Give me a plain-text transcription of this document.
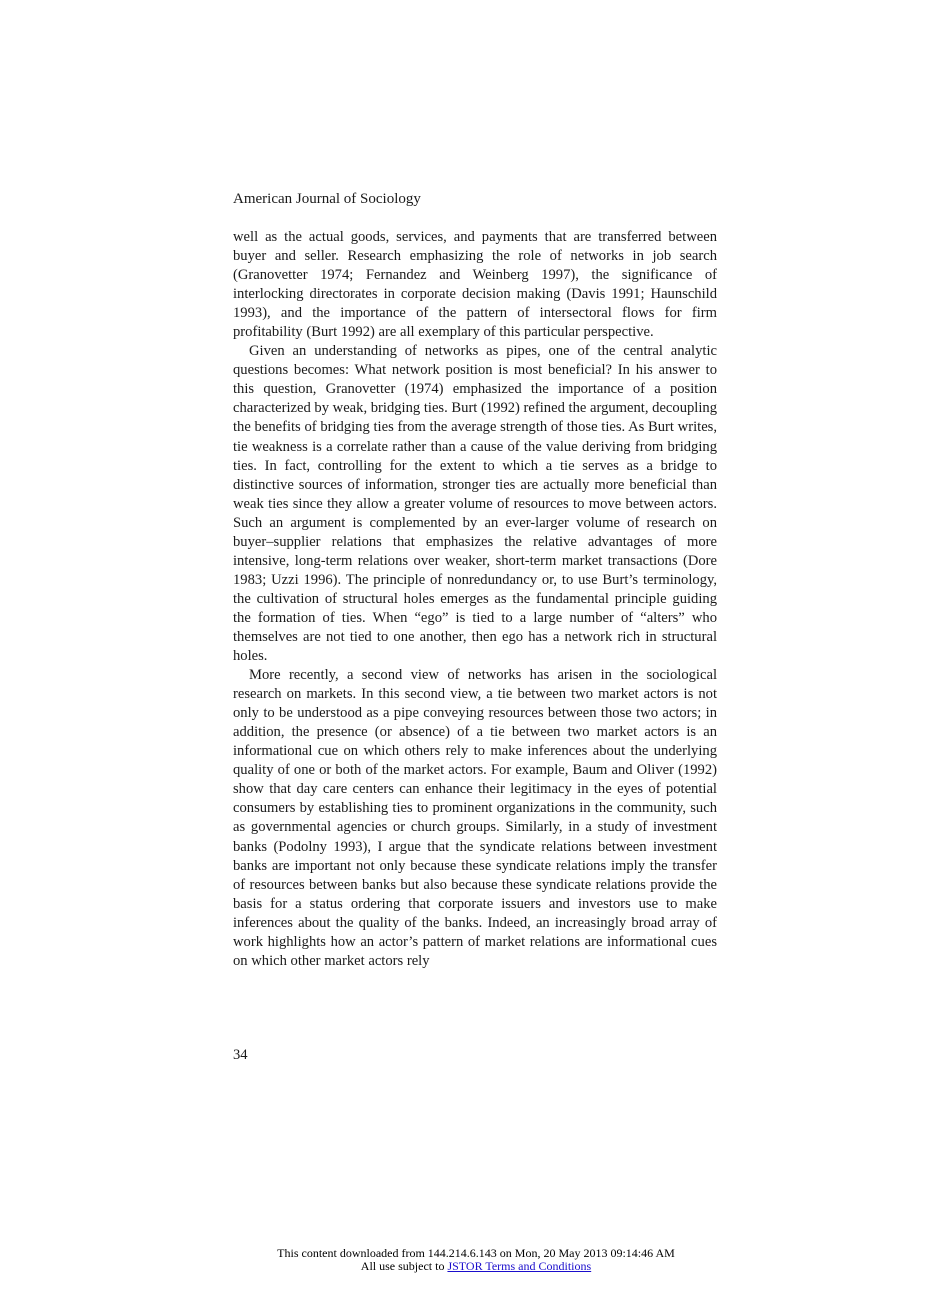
American Journal of Sociology

well as the actual goods, services, and payments that are transferred between buyer and seller. Research emphasizing the role of networks in job search (Granovetter 1974; Fernandez and Weinberg 1997), the significance of interlocking directorates in corporate decision making (Davis 1991; Haunschild 1993), and the importance of the pattern of intersectoral flows for firm profitability (Burt 1992) are all exemplary of this particular perspective.

Given an understanding of networks as pipes, one of the central analytic questions becomes: What network position is most beneficial? In his answer to this question, Granovetter (1974) emphasized the importance of a position characterized by weak, bridging ties. Burt (1992) refined the argument, decoupling the benefits of bridging ties from the average strength of those ties. As Burt writes, tie weakness is a correlate rather than a cause of the value deriving from bridging ties. In fact, controlling for the extent to which a tie serves as a bridge to distinctive sources of information, stronger ties are actually more beneficial than weak ties since they allow a greater volume of resources to move between actors. Such an argument is complemented by an ever-larger volume of research on buyer–supplier relations that emphasizes the relative advantages of more intensive, long-term relations over weaker, short-term market transactions (Dore 1983; Uzzi 1996). The principle of nonredundancy or, to use Burt’s terminology, the cultivation of structural holes emerges as the fundamental principle guiding the formation of ties. When “ego” is tied to a large number of “alters” who themselves are not tied to one another, then ego has a network rich in structural holes.

More recently, a second view of networks has arisen in the sociological research on markets. In this second view, a tie between two market actors is not only to be understood as a pipe conveying resources between those two actors; in addition, the presence (or absence) of a tie between two market actors is an informational cue on which others rely to make inferences about the underlying quality of one or both of the market actors. For example, Baum and Oliver (1992) show that day care centers can enhance their legitimacy in the eyes of potential consumers by establishing ties to prominent organizations in the community, such as governmental agencies or church groups. Similarly, in a study of investment banks (Podolny 1993), I argue that the syndicate relations between investment banks are important not only because these syndicate relations imply the transfer of resources between banks but also because these syndicate relations provide the basis for a status ordering that corporate issuers and investors use to make inferences about the quality of the banks. Indeed, an increasingly broad array of work highlights how an actor’s pattern of market relations are informational cues on which other market actors rely

34
This content downloaded from 144.214.6.143 on Mon, 20 May 2013 09:14:46 AM
All use subject to JSTOR Terms and Conditions
